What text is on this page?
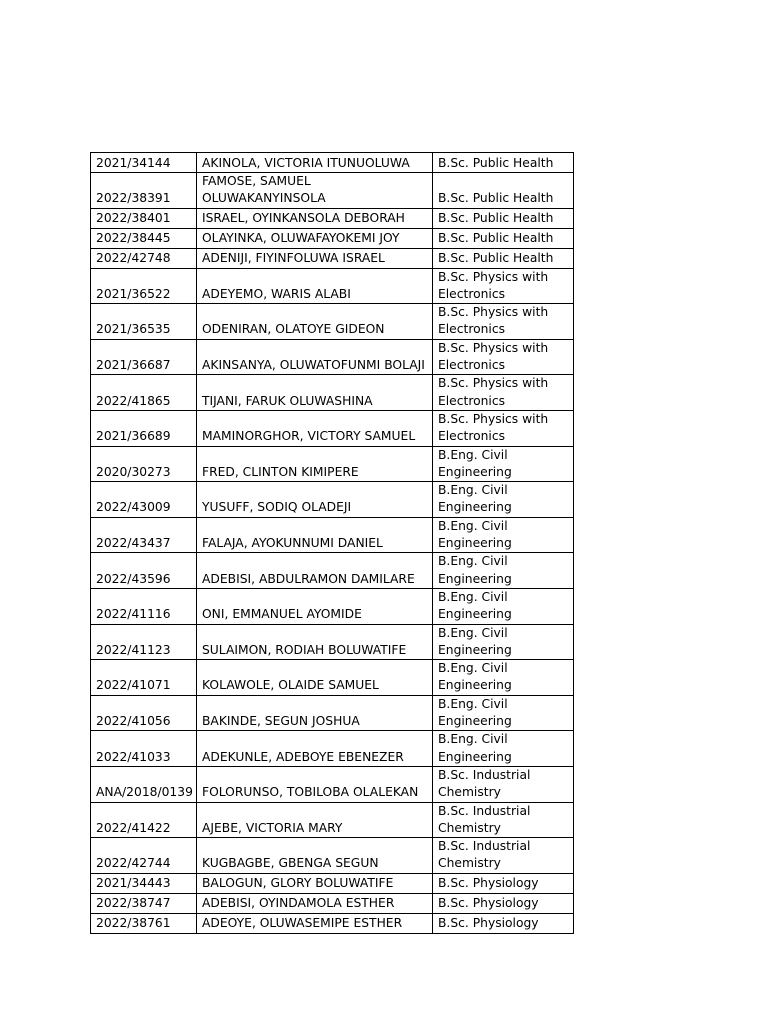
2021/34144	AKINOLA, VICTORIA ITUNUOLUWA	B.Sc. Public Health
2022/38391	FAMOSE, SAMUEL OLUWAKANYINSOLA	B.Sc. Public Health
2022/38401	ISRAEL, OYINKANSOLA DEBORAH	B.Sc. Public Health
2022/38445	OLAYINKA, OLUWAFAYOKEMI JOY	B.Sc. Public Health
2022/42748	ADENIJI, FIYINFOLUWA ISRAEL	B.Sc. Public Health
2021/36522	ADEYEMO, WARIS ALABI	B.Sc. Physics with Electronics
2021/36535	ODENIRAN, OLATOYE GIDEON	B.Sc. Physics with Electronics
2021/36687	AKINSANYA, OLUWATOFUNMI BOLAJI	B.Sc. Physics with Electronics
2022/41865	TIJANI, FARUK OLUWASHINA	B.Sc. Physics with Electronics
2021/36689	MAMINORGHOR, VICTORY SAMUEL	B.Sc. Physics with Electronics
2020/30273	FRED, CLINTON KIMIPERE	B.Eng. Civil Engineering
2022/43009	YUSUFF, SODIQ OLADEJI	B.Eng. Civil Engineering
2022/43437	FALAJA, AYOKUNNUMI DANIEL	B.Eng. Civil Engineering
2022/43596	ADEBISI, ABDULRAMON DAMILARE	B.Eng. Civil Engineering
2022/41116	ONI, EMMANUEL AYOMIDE	B.Eng. Civil Engineering
2022/41123	SULAIMON, RODIAH BOLUWATIFE	B.Eng. Civil Engineering
2022/41071	KOLAWOLE, OLAIDE SAMUEL	B.Eng. Civil Engineering
2022/41056	BAKINDE, SEGUN JOSHUA	B.Eng. Civil Engineering
2022/41033	ADEKUNLE, ADEBOYE EBENEZER	B.Eng. Civil Engineering
ANA/2018/0139	FOLORUNSO, TOBILOBA OLALEKAN	B.Sc. Industrial Chemistry
2022/41422	AJEBE, VICTORIA MARY	B.Sc. Industrial Chemistry
2022/42744	KUGBAGBE, GBENGA SEGUN	B.Sc. Industrial Chemistry
2021/34443	BALOGUN, GLORY BOLUWATIFE	B.Sc. Physiology
2022/38747	ADEBISI, OYINDAMOLA ESTHER	B.Sc. Physiology
2022/38761	ADEOYE, OLUWASEMIPE ESTHER	B.Sc. Physiology
